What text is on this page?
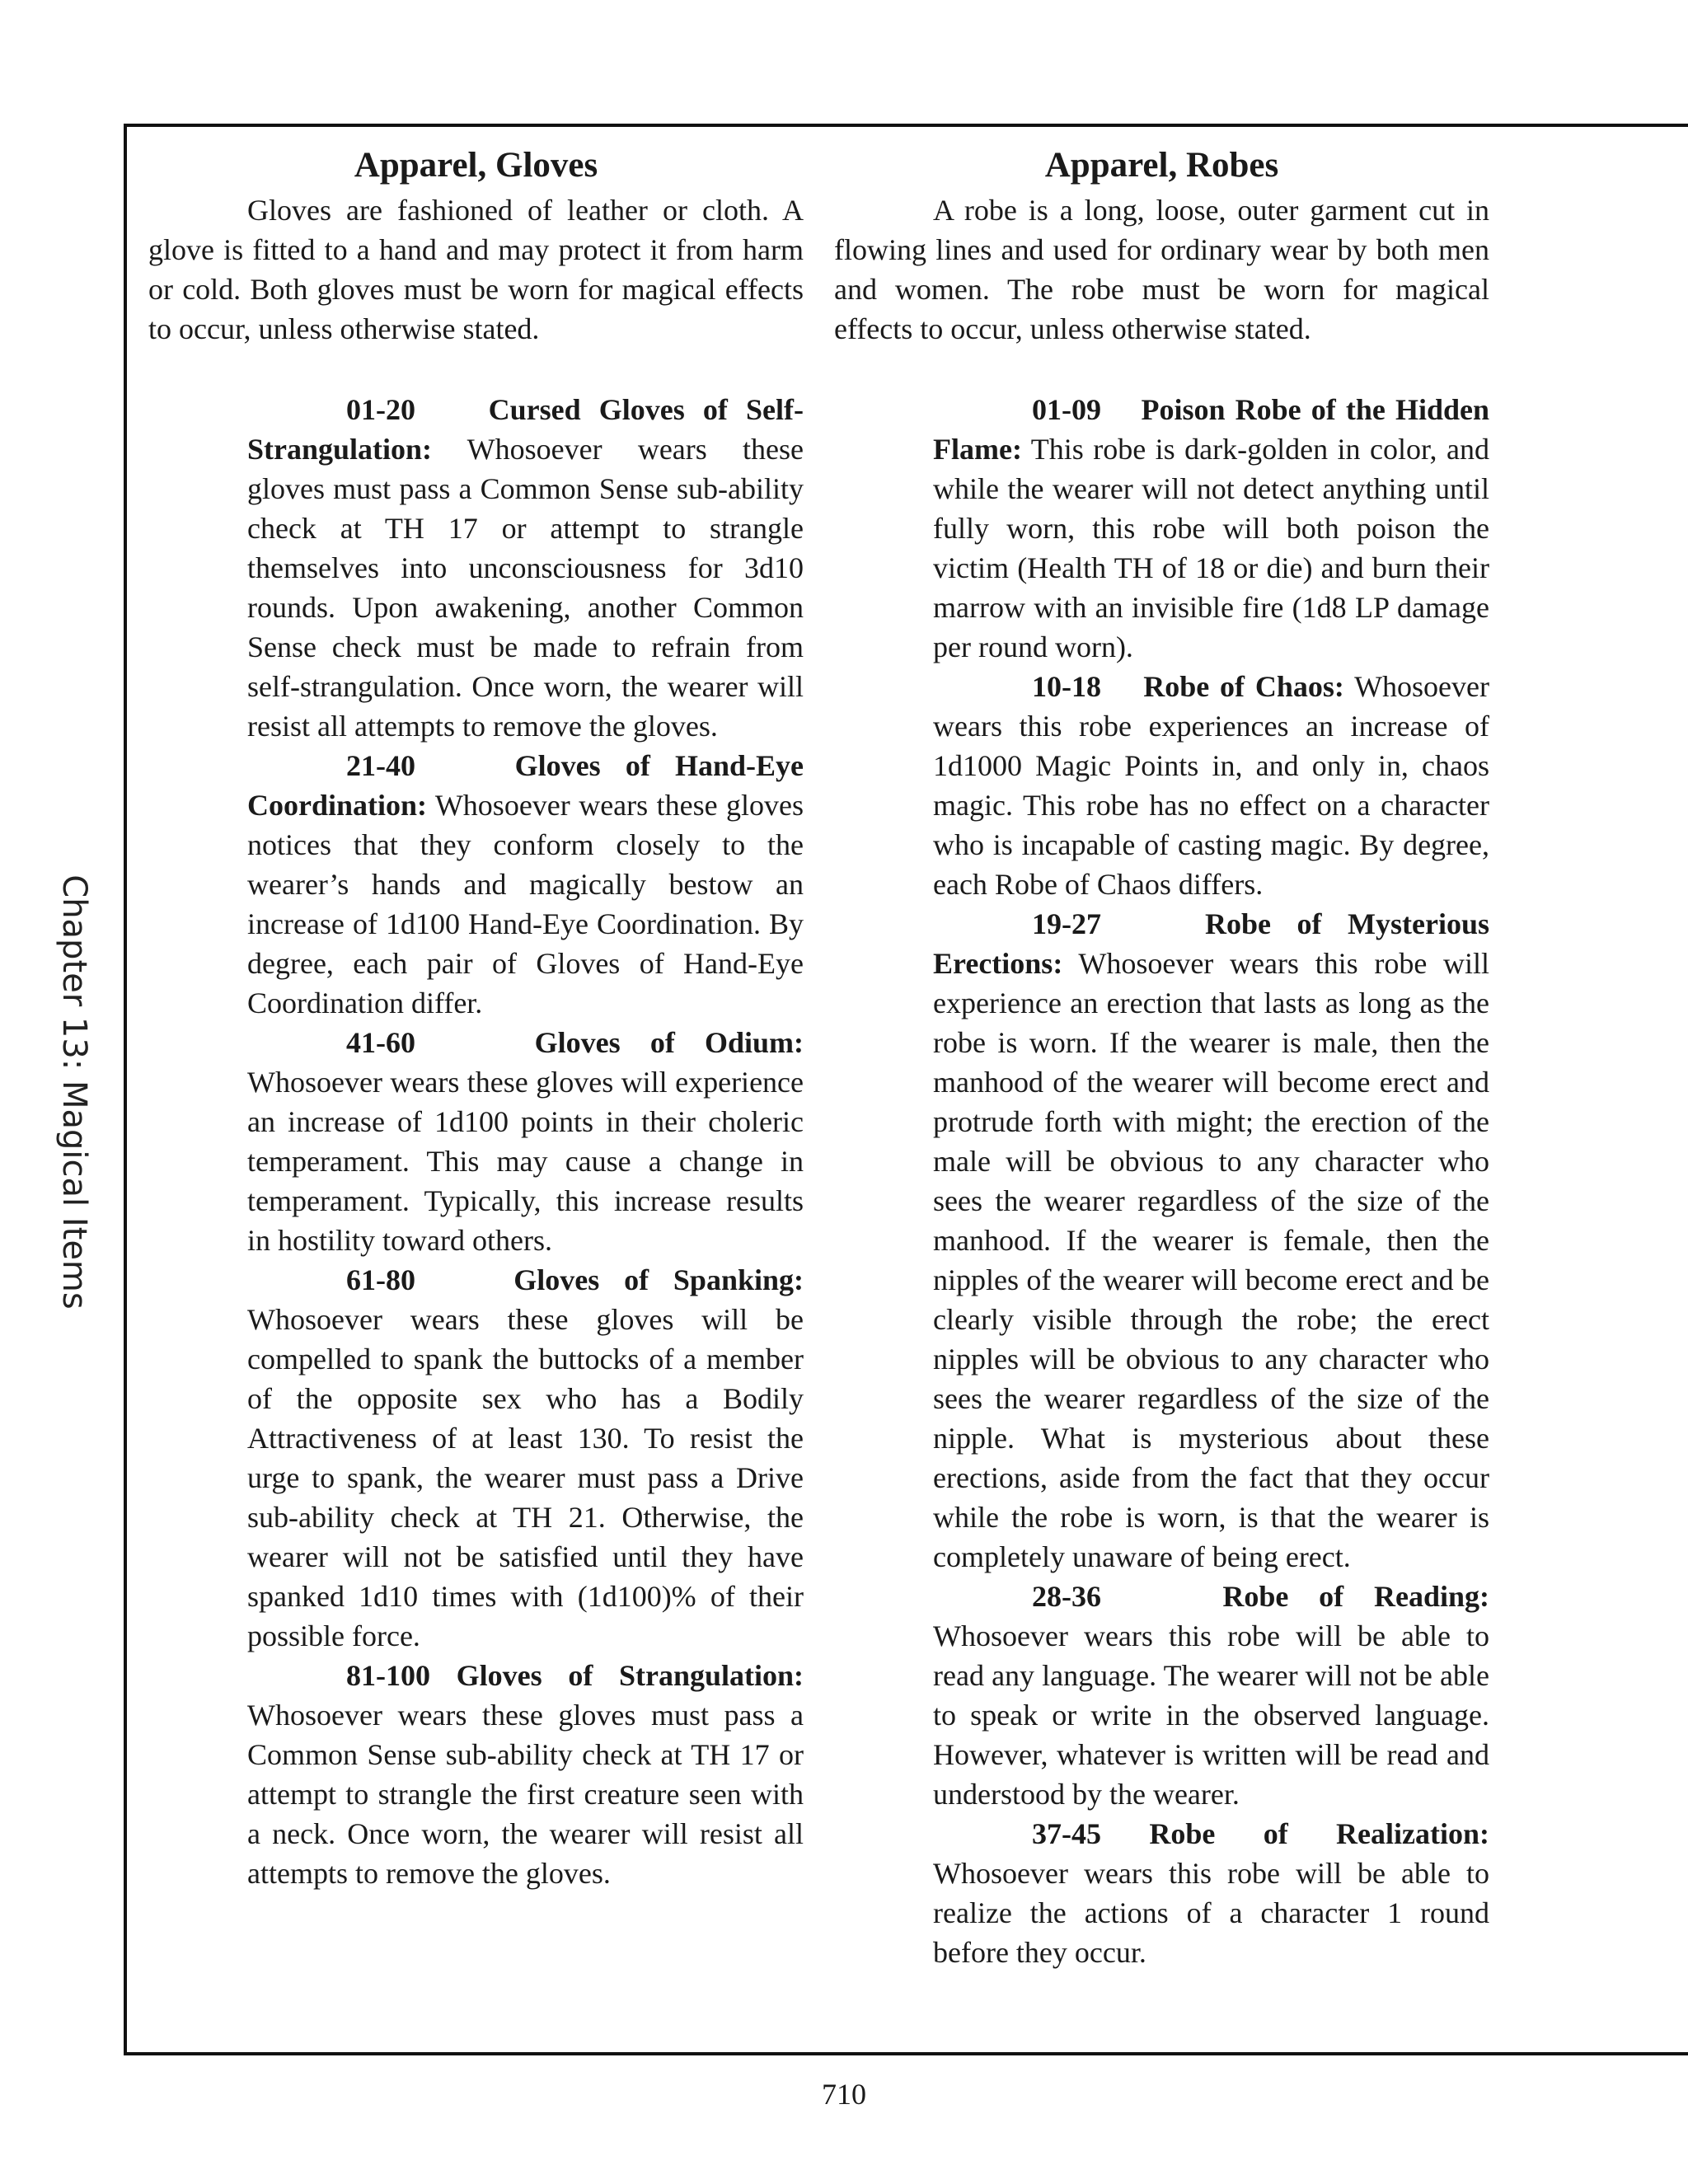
Chapter 13: Magical Items
Apparel, Gloves

Gloves are fashioned of leather or cloth. A glove is fitted to a hand and may protect it from harm or cold. Both gloves must be worn for magical effects to occur, unless otherwise stated.

01-20 Cursed Gloves of Self-Strangulation: Whosoever wears these gloves must pass a Common Sense sub-ability check at TH 17 or attempt to strangle themselves into unconsciousness for 3d10 rounds. Upon awakening, another Common Sense check must be made to refrain from self-strangulation. Once worn, the wearer will resist all attempts to remove the gloves.

21-40	Gloves of Hand-Eye Coordination: Whosoever wears these gloves notices that they conform closely to the wearer’s hands and magically bestow an increase of 1d100 Hand-Eye Coordination. By degree, each pair of Gloves of Hand-Eye Coordination differ.

41-60	Gloves of Odium: Whosoever wears these gloves will experience an increase of 1d100 points in their choleric temperament. This may cause a change in temperament. Typically, this increase results in hostility toward others.

61-80	Gloves of Spanking: Whosoever wears these gloves will be compelled to spank the buttocks of a member of the opposite sex who has a Bodily Attractiveness of at least 130. To resist the urge to spank, the wearer must pass a Drive sub-ability check at TH 21. Otherwise, the wearer will not be satisfied until they have spanked 1d10 times with (1d100)% of their possible force.

81-100 Gloves of Strangulation: Whosoever wears these gloves must pass a Common Sense sub-ability check at TH 17 or attempt to strangle the first creature seen with a neck. Once worn, the wearer will resist all attempts to remove the gloves.

Apparel, Robes

A robe is a long, loose, outer garment cut in flowing lines and used for ordinary wear by both men and women. The robe must be worn for magical effects to occur, unless otherwise stated.

01-09 Poison Robe of the Hidden Flame: This robe is dark-golden in color, and while the wearer will not detect anything until fully worn, this robe will both poison the victim (Health TH of 18 or die) and burn their marrow with an invisible fire (1d8 LP damage per round worn).

10-18 Robe of Chaos: Whosoever wears this robe experiences an increase of 1d1000 Magic Points in, and only in, chaos magic. This robe has no effect on a character who is incapable of casting magic. By degree, each Robe of Chaos differs.

19-27	Robe of Mysterious Erections: Whosoever wears this robe will experience an erection that lasts as long as the robe is worn. If the wearer is male, then the manhood of the wearer will become erect and protrude forth with might; the erection of the male will be obvious to any character who sees the wearer regardless of the size of the manhood. If the wearer is female, then the nipples of the wearer will become erect and be clearly visible through the robe; the erect nipples will be obvious to any character who sees the wearer regardless of the size of the nipple. What is mysterious about these erections, aside from the fact that they occur while the robe is worn, is that the wearer is completely unaware of being erect.

28-36	Robe of Reading: Whosoever wears this robe will be able to read any language. The wearer will not be able to speak or write in the observed language. However, whatever is written will be read and understood by the wearer.

37-45 Robe of Realization: Whosoever wears this robe will be able to realize the actions of a character 1 round before they occur.

710
